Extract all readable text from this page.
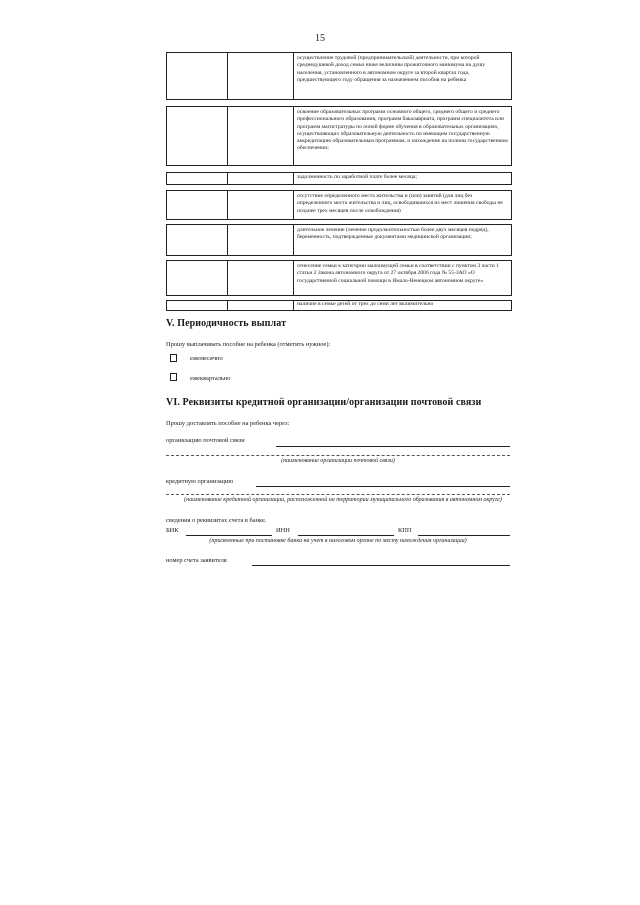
15
осуществление трудовой (предпринимательской) деятельности, при которой среднедушевой доход семьи ниже величины прожиточного минимума на душу населения, установленного в автономном округе за второй квартал года, предшествующего году обращения за назначением пособия на ребенка
освоение образовательных программ основного общего, среднего общего и среднего профессионального образования, программ бакалавриата, программ специалитета или программ магистратуры по очной форме обучения в образовательных организациях, осуществляющих образовательную деятельность по имеющим государственную аккредитацию образовательным программам, и нахождение на полном государственном обеспечении;
задолженность по заработной плате более месяца;
отсутствие определенного места жительства и (или) занятий (для лиц без определенного места жительства и лиц, освободившихся из мест лишения свободы не позднее трех месяцев после освобождения)
длительное лечение (лечение продолжительностью более двух месяцев подряд), беременность, подтвержденные документами медицинской организации;
отнесение семьи к категории малоимущей семьи в соответствии с пунктом 3 части 1 статьи 2 Закона автономного округа от 27 октября 2006 года № 55-ЗАО «О государственной социальной помощи в Ямало-Ненецком автономном округе»
наличие в семье детей от трех до семи лет включительно
V. Периодичность выплат
Прошу выплачивать пособие на ребенка (отметить нужное):
ежемесячно
ежеквартально
VI. Реквизиты кредитной организации/организации почтовой связи
Прошу доставлять пособие на ребенка через:
организацию почтовой связи
(наименование организации почтовой связи)
кредитную организацию
(наименование кредитной организации, расположенной на территории муниципального образования в автономном округе)
сведения о реквизитах счета в банке.
БИК	ИНН	КПП
(присвоенные при постановке банка на учет в налоговом органе по месту нахождения организации)
номер счета заявителя
